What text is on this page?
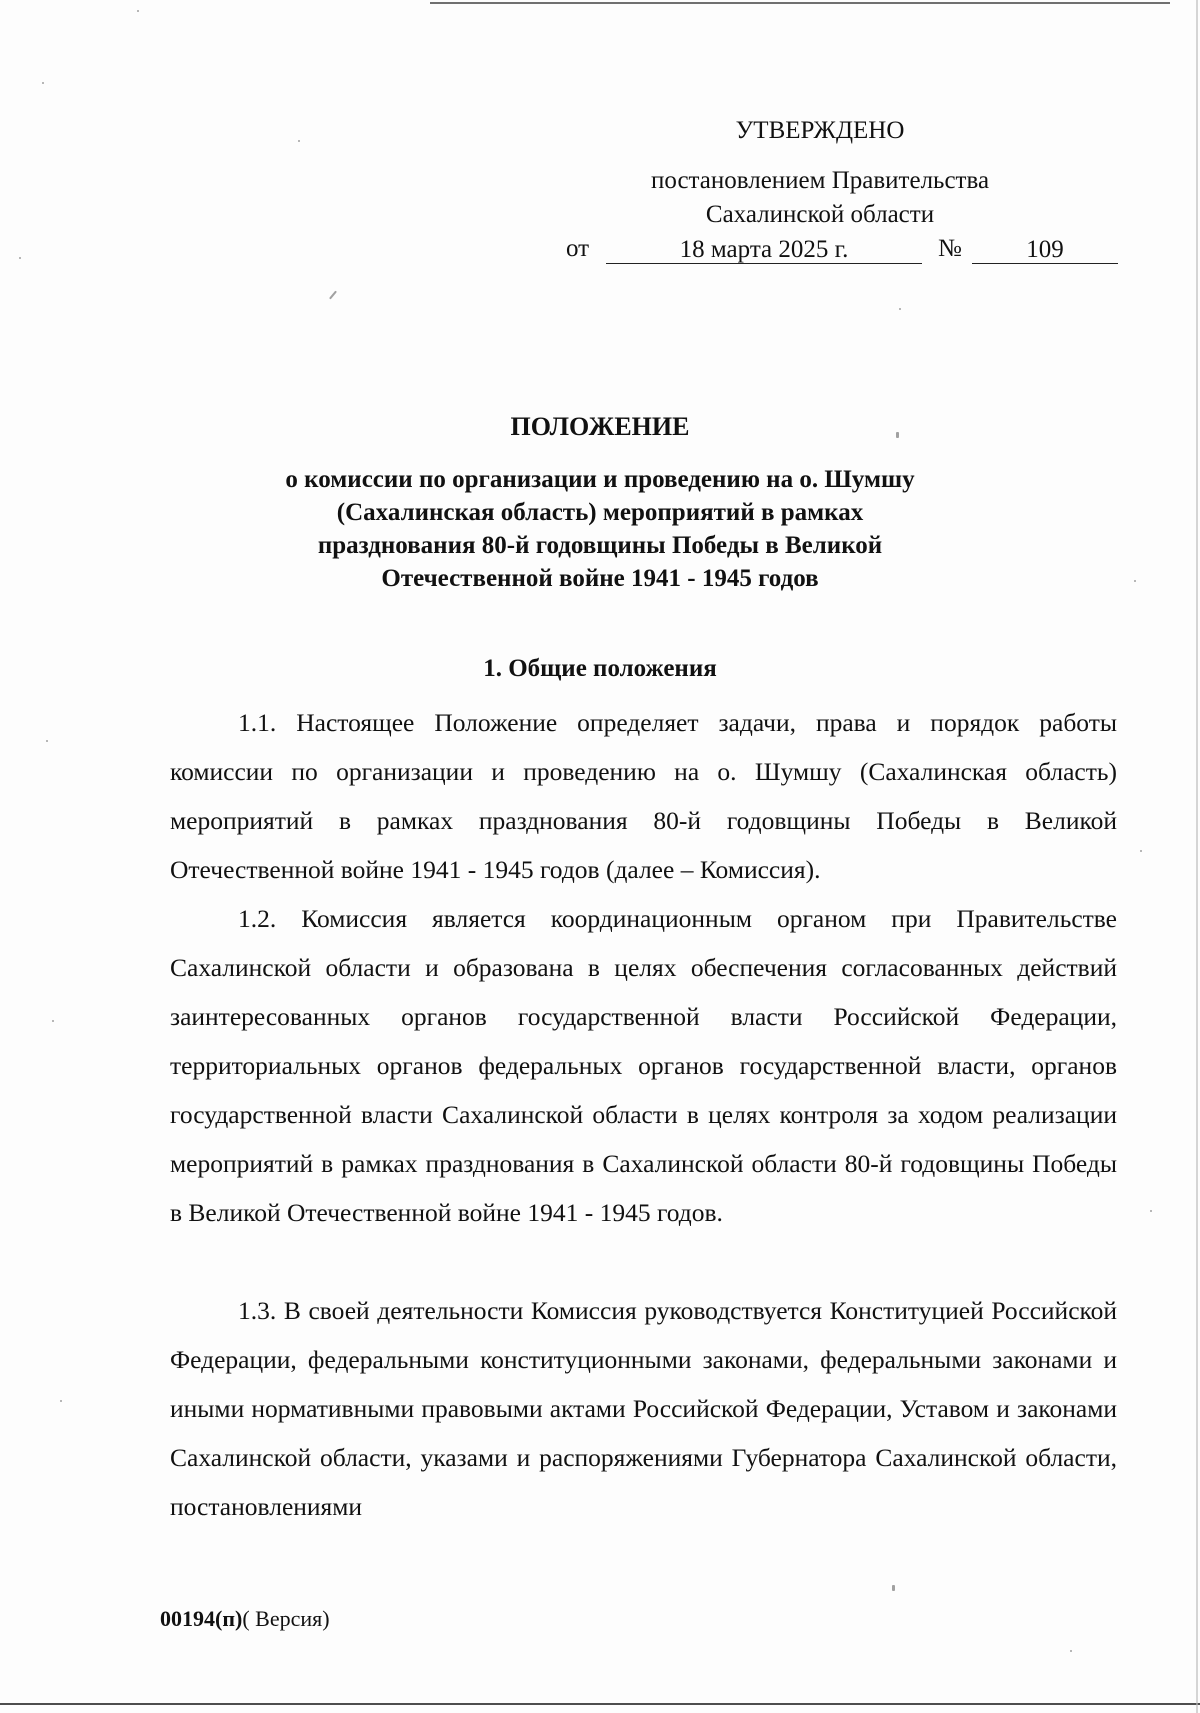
УТВЕРЖДЕНО
постановлением Правительства
Сахалинской области
от	18 марта 2025 г.	№	109
ПОЛОЖЕНИЕ

о комиссии по организации и проведению на о. Шумшу
(Сахалинская область) мероприятий в рамках
празднования 80-й годовщины Победы в Великой
Отечественной войне 1941 - 1945 годов

1. Общие положения

1.1. Настоящее Положение определяет задачи, права и порядок работы комиссии по организации и проведению на о. Шумшу (Сахалинская область) мероприятий в рамках празднования 80-й годовщины Победы в Великой Отечественной войне 1941 - 1945 годов (далее – Комиссия).

1.2. Комиссия является координационным органом при Правительстве Сахалинской области и образована в целях обеспечения согласованных действий заинтересованных органов государственной власти Российской Федерации, территориальных органов федеральных органов государственной власти, органов государственной власти Сахалинской области в целях контроля за ходом реализации мероприятий в рамках празднования в Сахалинской области 80-й годовщины Победы в Великой Отечественной войне 1941 - 1945 годов.

1.3. В своей деятельности Комиссия руководствуется Конституцией Российской Федерации, федеральными конституционными законами, федеральными законами и иными нормативными правовыми актами Российской Федерации, Уставом и законами Сахалинской области, указами и распоряжениями Губернатора Сахалинской области, постановлениями

00194(п)( Версия)
